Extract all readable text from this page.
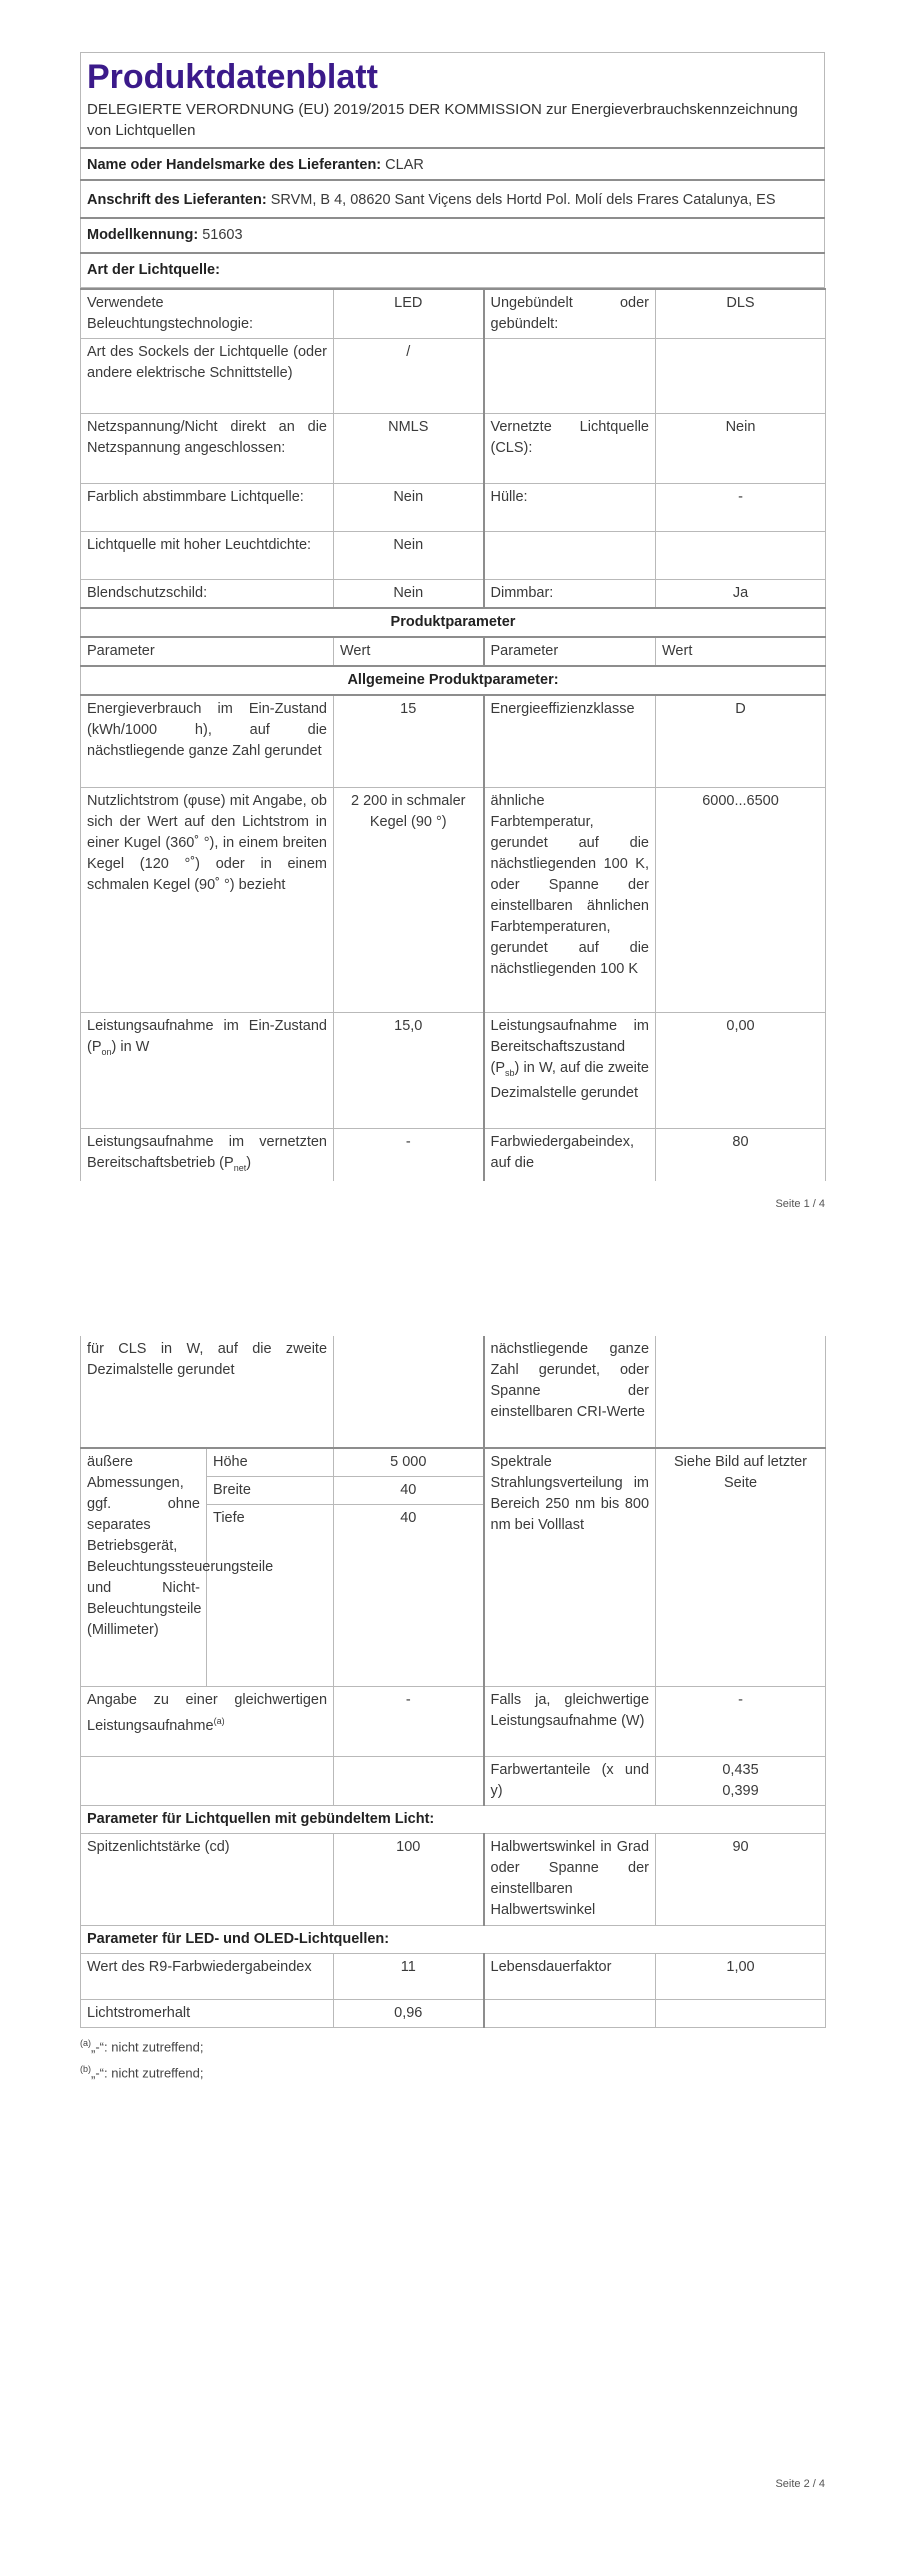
Produktdatenblatt
DELEGIERTE VERORDNUNG (EU) 2019/2015 DER KOMMISSION zur Energieverbrauchskennzeichnung von Lichtquellen

Name oder Handelsmarke des Lieferanten: CLAR
Anschrift des Lieferanten: SRVM, B 4, 08620 Sant Viçens dels Hortd Pol. Molí dels Frares Catalunya, ES
Modellkennung: 51603
Art der Lichtquelle:
Verwendete Beleuchtungstechnologie:	LED	Ungebündelt oder gebündelt:	DLS
Art des Sockels der Lichtquelle (oder andere elektrische Schnittstelle)	/		
Netzspannung/Nicht direkt an die Netzspannung angeschlossen:	NMLS	Vernetzte Lichtquelle (CLS):	Nein
Farblich abstimmbare Lichtquelle:	Nein	Hülle:	-
Lichtquelle mit hoher Leuchtdichte:	Nein		
Blendschutzschild:	Nein	Dimmbar:	Ja
Produktparameter			
Parameter	Wert	Parameter	Wert
Allgemeine Produktparameter:			
Energieverbrauch im Ein-Zustand (kWh/1000 h), auf die nächstliegende ganze Zahl gerundet	15	Energieeffizienzklasse	D
Nutzlichtstrom (φuse) mit Angabe, ob sich der Wert auf den Lichtstrom in einer Kugel (360˚ °), in einem breiten Kegel (120 °˚) oder in einem schmalen Kegel (90˚ °) bezieht	2 200 in schmaler Kegel (90 °)	ähnliche Farbtemperatur, gerundet auf die nächstliegenden 100 K, oder Spanne der einstellbaren ähnlichen Farbtemperaturen, gerundet auf die nächstliegenden 100 K	6000...6500
Leistungsaufnahme im Ein-Zustand $(P_{on})$ in W	15,0	Leistungsaufnahme im Bereitschaftszustand $(P_{sb})$ in W, auf die zweite Dezimalstelle gerundet	0,00
Leistungsaufnahme im vernetzten Bereitschaftsbetrieb $(P_{net})$	-	Farbwiedergabeindex, auf die	80
Seite 1 / 4
für CLS in W, auf die zweite Dezimalstelle gerundet			nächstliegende ganze Zahl gerundet, oder Spanne der einstellbaren CRI-Werte	
äußere Abmessungen, ggf. ohne separates Betriebsgerät, Beleuchtungssteuerungsteile und Nicht-Beleuchtungsteile (Millimeter)	Höhe	5 000	Spektrale Strahlungsverteilung im Bereich 250 nm bis 800 nm bei Volllast	Siehe Bild auf letzter Seite
	Breite	40		
	Tiefe	40		
Angabe zu einer gleichwertigen Leistungsaufnahme$^{(a)}$		-	Falls ja, gleichwertige Leistungsaufnahme (W)	-
			Farbwertanteile (x und y)	0,435
0,399

Parameter für Lichtquellen mit gebündeltem Licht:				
Spitzenlichtstärke (cd)		100	Halbwertswinkel in Grad oder Spanne der einstellbaren Halbwertswinkel	90
Parameter für LED- und OLED-Lichtquellen:				
Wert des R9-Farbwiedergabeindex		11	Lebensdauerfaktor	1,00
Lichtstromerhalt		0,96		
$^{(a)}$„-“: nicht zutreffend;
$^{(b)}$„-“: nicht zutreffend;
Seite 2 / 4
